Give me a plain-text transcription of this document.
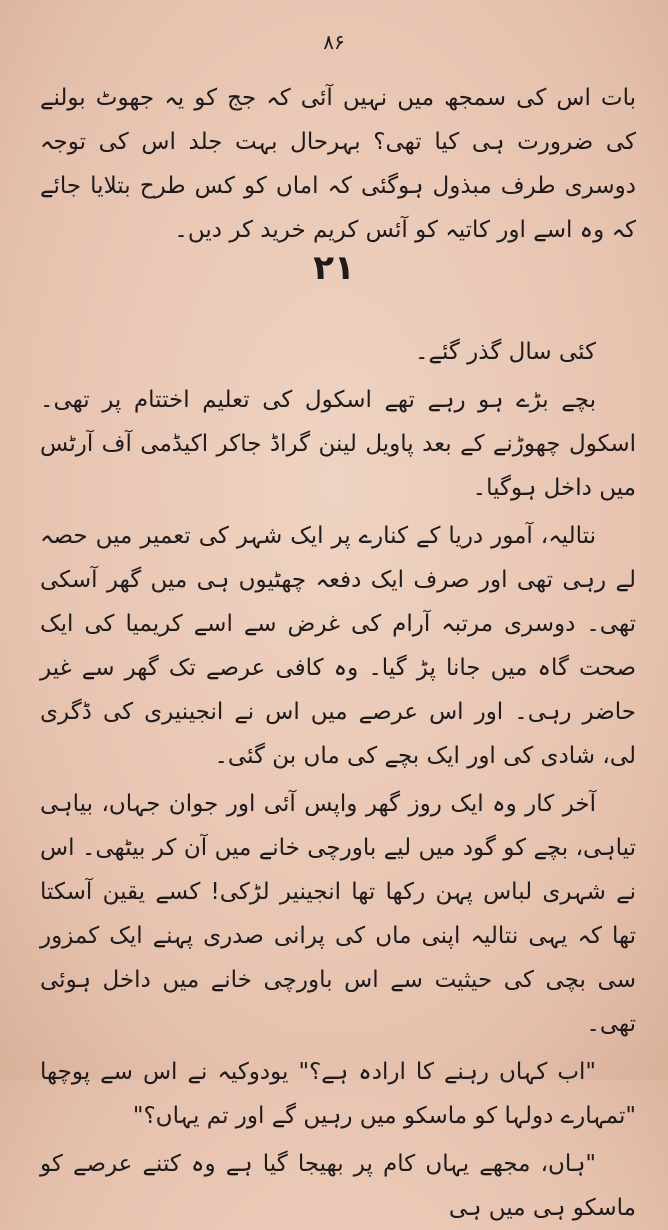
۸۶

بات اس کی سمجھ میں نہیں آئی کہ جج کو یہ جھوٹ بولنے کی ضرورت ہی کیا تھی؟ بہرحال بہت جلد اس کی توجہ دوسری طرف مبذول ہوگئی کہ اماں کو کس طرح بتلایا جائے کہ وہ اسے اور کاتیہ کو آئس کریم خرید کر دیں۔

۲۱

کئی سال گذر گئے۔

بچے بڑے ہو رہے تھے اسکول کی تعلیم اختتام پر تھی۔ اسکول چھوڑنے کے بعد پاویل لینن گراڈ جاکر اکیڈمی آف آرٹس میں داخل ہوگیا۔

نتالیہ، آمور دریا کے کنارے پر ایک شہر کی تعمیر میں حصہ لے رہی تھی اور صرف ایک دفعہ چھٹیوں ہی میں گھر آسکی تھی۔ دوسری مرتبہ آرام کی غرض سے اسے کریمیا کی ایک صحت گاہ میں جانا پڑ گیا۔ وہ کافی عرصے تک گھر سے غیر حاضر رہی۔ اور اس عرصے میں اس نے انجینیری کی ڈگری لی، شادی کی اور ایک بچے کی ماں بن گئی۔

آخر کار وہ ایک روز گھر واپس آئی اور جوان جہاں، بیاہی تیاہی، بچے کو گود میں لیے باورچی خانے میں آن کر بیٹھی۔ اس نے شہری لباس پہن رکھا تھا انجینیر لڑکی! کسے یقین آسکتا تھا کہ یہی نتالیہ اپنی ماں کی پرانی صدری پہنے ایک کمزور سی بچی کی حیثیت سے اس باورچی خانے میں داخل ہوئی تھی۔

"اب کہاں رہنے کا ارادہ ہے؟" یودوکیہ نے اس سے پوچھا "تمہارے دولہا کو ماسکو میں رہیں گے اور تم یہاں؟"

"ہاں، مجھے یہاں کام پر بھیجا گیا ہے وہ کتنے عرصے کو ماسکو ہی میں ہی
